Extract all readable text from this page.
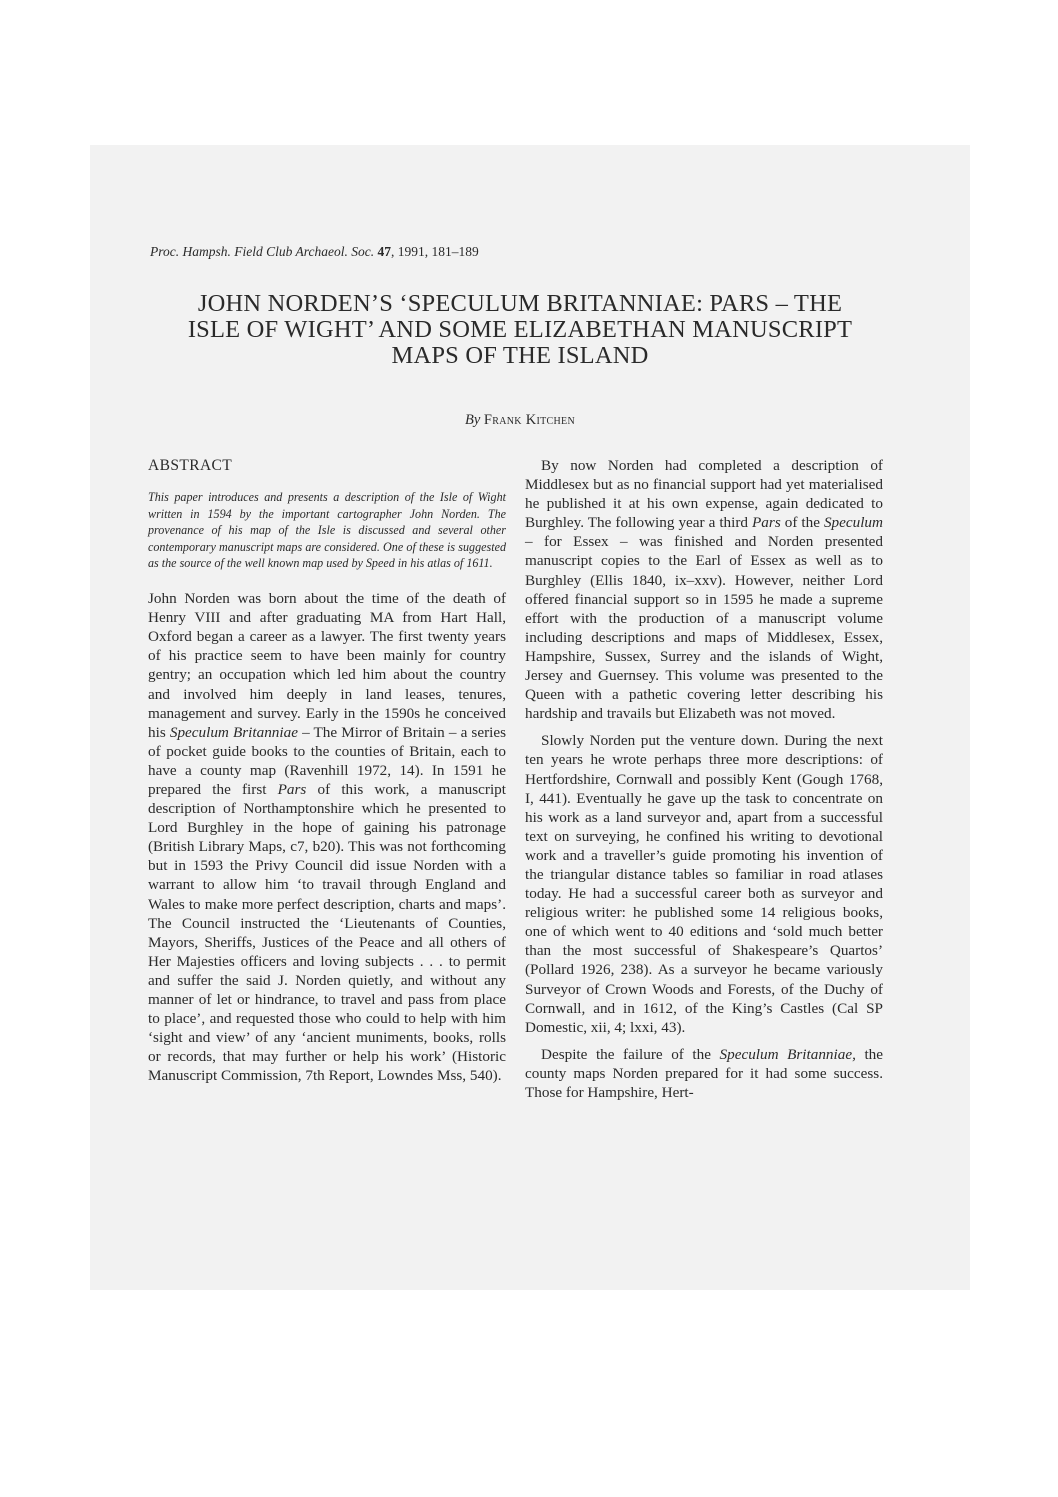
Proc. Hampsh. Field Club Archaeol. Soc. 47, 1991, 181–189
JOHN NORDEN’S ‘SPECULUM BRITANNIAE: PARS – THE
ISLE OF WIGHT’ AND SOME ELIZABETHAN MANUSCRIPT
MAPS OF THE ISLAND
By Frank Kitchen
ABSTRACT

This paper introduces and presents a description of the Isle of Wight written in 1594 by the important cartographer John Norden. The provenance of his map of the Isle is discussed and several other contemporary manuscript maps are considered. One of these is suggested as the source of the well known map used by Speed in his atlas of 1611.

John Norden was born about the time of the death of Henry VIII and after graduating MA from Hart Hall, Oxford began a career as a lawyer. The first twenty years of his practice seem to have been mainly for country gentry; an occupation which led him about the country and involved him deeply in land leases, tenures, management and survey. Early in the 1590s he conceived his Speculum Britanniae – The Mirror of Britain – a series of pocket guide books to the counties of Britain, each to have a county map (Ravenhill 1972, 14). In 1591 he prepared the first Pars of this work, a manuscript description of Northamptonshire which he presented to Lord Burghley in the hope of gaining his patronage (British Library Maps, c7, b20). This was not forthcoming but in 1593 the Privy Council did issue Norden with a warrant to allow him ‘to travail through England and Wales to make more perfect description, charts and maps’. The Council instructed the ‘Lieutenants of Counties, Mayors, Sheriffs, Justices of the Peace and all others of Her Majesties officers and loving subjects . . . to permit and suffer the said J. Norden quietly, and without any manner of let or hindrance, to travel and pass from place to place’, and requested those who could to help with him ‘sight and view’ of any ‘ancient muniments, books, rolls or records, that may further or help his work’ (Historic Manuscript Commission, 7th Report, Lowndes Mss, 540).

By now Norden had completed a description of Middlesex but as no financial support had yet materialised he published it at his own expense, again dedicated to Burghley. The following year a third Pars of the Speculum – for Essex – was finished and Norden presented manuscript copies to the Earl of Essex as well as to Burghley (Ellis 1840, ix–xxv). However, neither Lord offered financial support so in 1595 he made a supreme effort with the production of a manuscript volume including descriptions and maps of Middlesex, Essex, Hampshire, Sussex, Surrey and the islands of Wight, Jersey and Guernsey. This volume was presented to the Queen with a pathetic covering letter describing his hardship and travails but Elizabeth was not moved.

Slowly Norden put the venture down. During the next ten years he wrote perhaps three more descriptions: of Hertfordshire, Cornwall and possibly Kent (Gough 1768, I, 441). Eventually he gave up the task to concentrate on his work as a land surveyor and, apart from a successful text on surveying, he confined his writing to devotional work and a traveller’s guide promoting his invention of the triangular distance tables so familiar in road atlases today. He had a successful career both as surveyor and religious writer: he published some 14 religious books, one of which went to 40 editions and ‘sold much better than the most successful of Shakespeare’s Quartos’ (Pollard 1926, 238). As a surveyor he became variously Surveyor of Crown Woods and Forests, of the Duchy of Cornwall, and in 1612, of the King’s Castles (Cal SP Domestic, xii, 4; lxxi, 43).

Despite the failure of the Speculum Britanniae, the county maps Norden prepared for it had some success. Those for Hampshire, Hert-
